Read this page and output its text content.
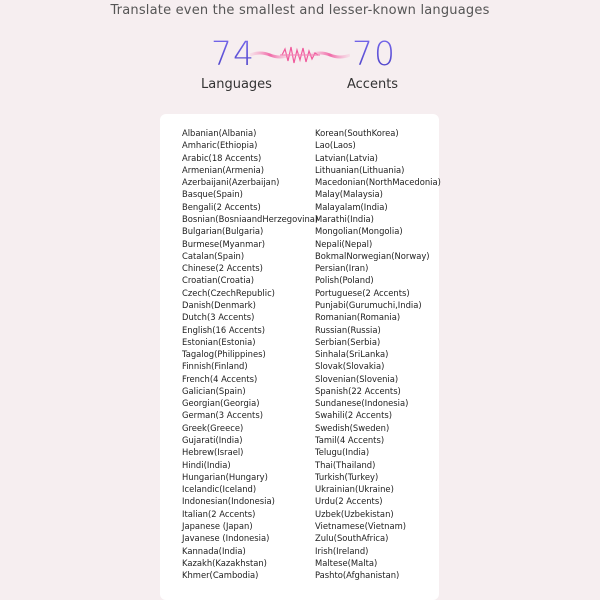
Translate even the smallest and lesser-known languages
74	70
Languages	Accents
Albanian(Albania)
Amharic(Ethiopia)
Arabic(18 Accents)
Armenian(Armenia)
Azerbaijani(Azerbaijan)
Basque(Spain)
Bengali(2 Accents)
Bosnian(BosniaandHerzegovina)
Bulgarian(Bulgaria)
Burmese(Myanmar)
Catalan(Spain)
Chinese(2 Accents)
Croatian(Croatia)
Czech(CzechRepublic)
Danish(Denmark)
Dutch(3 Accents)
English(16 Accents)
Estonian(Estonia)
Tagalog(Philippines)
Finnish(Finland)
French(4 Accents)
Galician(Spain)
Georgian(Georgia)
German(3 Accents)
Greek(Greece)
Gujarati(India)
Hebrew(Israel)
Hindi(India)
Hungarian(Hungary)
Icelandic(Iceland)
Indonesian(Indonesia)
Italian(2 Accents)
Japanese (Japan)
Javanese (Indonesia)
Kannada(India)
Kazakh(Kazakhstan)
Khmer(Cambodia)
Korean(SouthKorea)
Lao(Laos)
Latvian(Latvia)
Lithuanian(Lithuania)
Macedonian(NorthMacedonia)
Malay(Malaysia)
Malayalam(India)
Marathi(India)
Mongolian(Mongolia)
Nepali(Nepal)
BokmalNorwegian(Norway)
Persian(Iran)
Polish(Poland)
Portuguese(2 Accents)
Punjabi(Gurumuchi,India)
Romanian(Romania)
Russian(Russia)
Serbian(Serbia)
Sinhala(SriLanka)
Slovak(Slovakia)
Slovenian(Slovenia)
Spanish(22 Accents)
Sundanese(Indonesia)
Swahili(2 Accents)
Swedish(Sweden)
Tamil(4 Accents)
Telugu(India)
Thai(Thailand)
Turkish(Turkey)
Ukrainian(Ukraine)
Urdu(2 Accents)
Uzbek(Uzbekistan)
Vietnamese(Vietnam)
Zulu(SouthAfrica)
Irish(Ireland)
Maltese(Malta)
Pashto(Afghanistan)
